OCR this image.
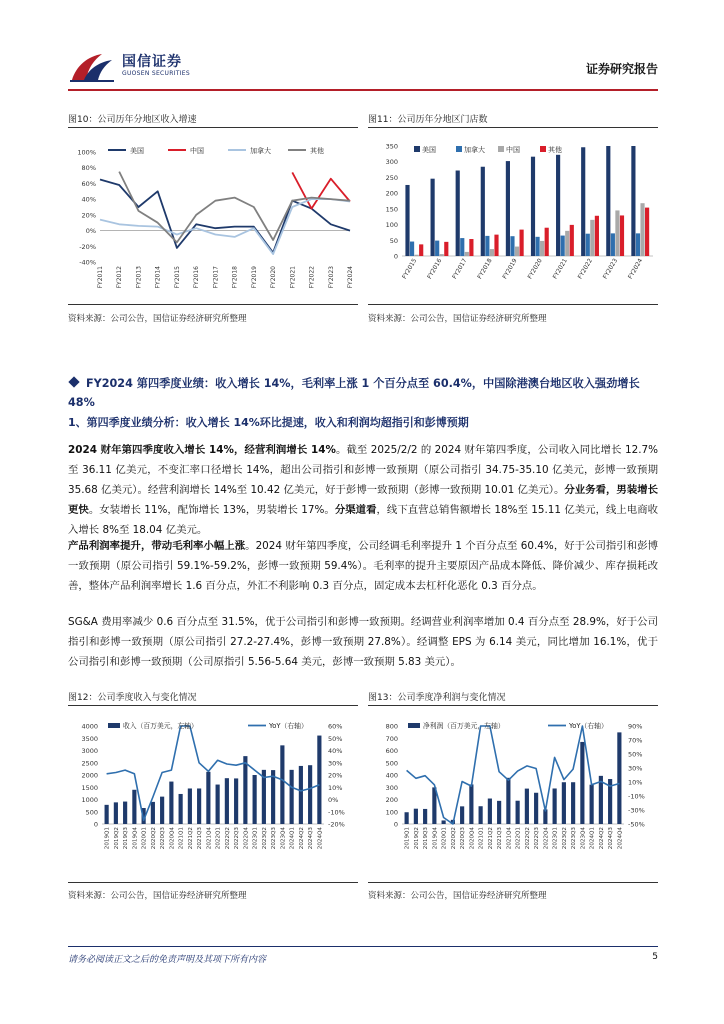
国信证券
GUOSEN SECURITIES	证券研究报告
图10：公司历年分地区收入增速
-40%
-20%
0%
20%
40%
60%
80%
100%
FY2011 FY2012 FY2013 FY2014 FY2015 FY2016 FY2017 FY2018 FY2019 FY2020 FY2021 FY2022 FY2023 FY2024
美国	中国	加拿大	其他
资料来源：公司公告，国信证券经济研究所整理
图11：公司历年分地区门店数
0
50
100
150
200
250
300
350
FY2015 FY2016 FY2017 FY2018 FY2019 FY2020 FY2021 FY2022 FY2023 FY2024
美国	加拿大	中国	其他
资料来源：公司公告，国信证券经济研究所整理
FY2024 第四季度业绩：收入增长 14%，毛利率上涨 1 个百分点至 60.4%，中国除港澳台地区收入强劲增长 48%
1、第四季度业绩分析：收入增长 14%环比提速，收入和利润均超指引和彭博预期
2024 财年第四季度收入增长 14%，经营利润增长 14%。截至 2025/2/2 的 2024 财年第四季度，公司收入同比增长 12.7%至 36.11 亿美元，不变汇率口径增长 14%，超出公司指引和彭博一致预期（原公司指引 34.75-35.10 亿美元，彭博一致预期 35.68 亿美元）。经营利润增长 14%至 10.42 亿美元，好于彭博一致预期（彭博一致预期 10.01 亿美元）。分业务看，男装增长更快。女装增长 11%，配饰增长 13%，男装增长 17%。分渠道看，线下直营总销售额增长 18%至 15.11 亿美元，线上电商收入增长 8%至 18.04 亿美元。
产品利润率提升，带动毛利率小幅上涨。2024 财年第四季度，公司经调毛利率提升 1 个百分点至 60.4%，好于公司指引和彭博一致预期（原公司指引 59.1%-59.2%，彭博一致预期 59.4%）。毛利率的提升主要原因产品成本降低、降价减少、库存损耗改善，整体产品利润率增长 1.6 百分点，外汇不利影响 0.3 百分点，固定成本去杠杆化恶化 0.3 百分点。
SG&A 费用率减少 0.6 百分点至 31.5%，优于公司指引和彭博一致预期。经调营业利润率增加 0.4 百分点至 28.9%，好于公司指引和彭博一致预期（原公司指引 27.2-27.4%，彭博一致预期 27.8%）。经调整 EPS 为 6.14 美元，同比增加 16.1%，优于公司指引和彭博一致预期（公司原指引 5.56-5.64 美元，彭博一致预期 5.83 美元）。
图12：公司季度收入与变化情况
0
500
1000
1500
2000
2500
3000
3500
4000
-20%
-10%
0%
10%
20%
30%
40%
50%
60%
2019Q1 2019Q2 2019Q3 2019Q4 2020Q1 2020Q2 2020Q3 2020Q4 2021Q1 2021Q2 2021Q3 2021Q4 2022Q1 2022Q2 2022Q3 2022Q4 2023Q1 2023Q2 2023Q3 2023Q4 2024Q1 2024Q2 2024Q3 2024Q4
收入（百万美元，左轴）	YoY（右轴）
资料来源：公司公告，国信证券经济研究所整理
图13：公司季度净利润与变化情况
0
100
200
300
400
500
600
700
800
-50%
-30%
-10%
10%
30%
50%
70%
90%
2019Q1 2019Q2 2019Q3 2019Q4 2020Q1 2020Q2 2020Q3 2020Q4 2021Q1 2021Q2 2021Q3 2021Q4 2022Q1 2022Q2 2022Q3 2022Q4 2023Q1 2023Q2 2023Q3 2023Q4 2024Q1 2024Q2 2024Q3 2024Q4
净利润（百万美元，左轴）	YoY（右轴）
资料来源：公司公告，国信证券经济研究所整理
请务必阅读正文之后的免责声明及其项下所有内容	5
